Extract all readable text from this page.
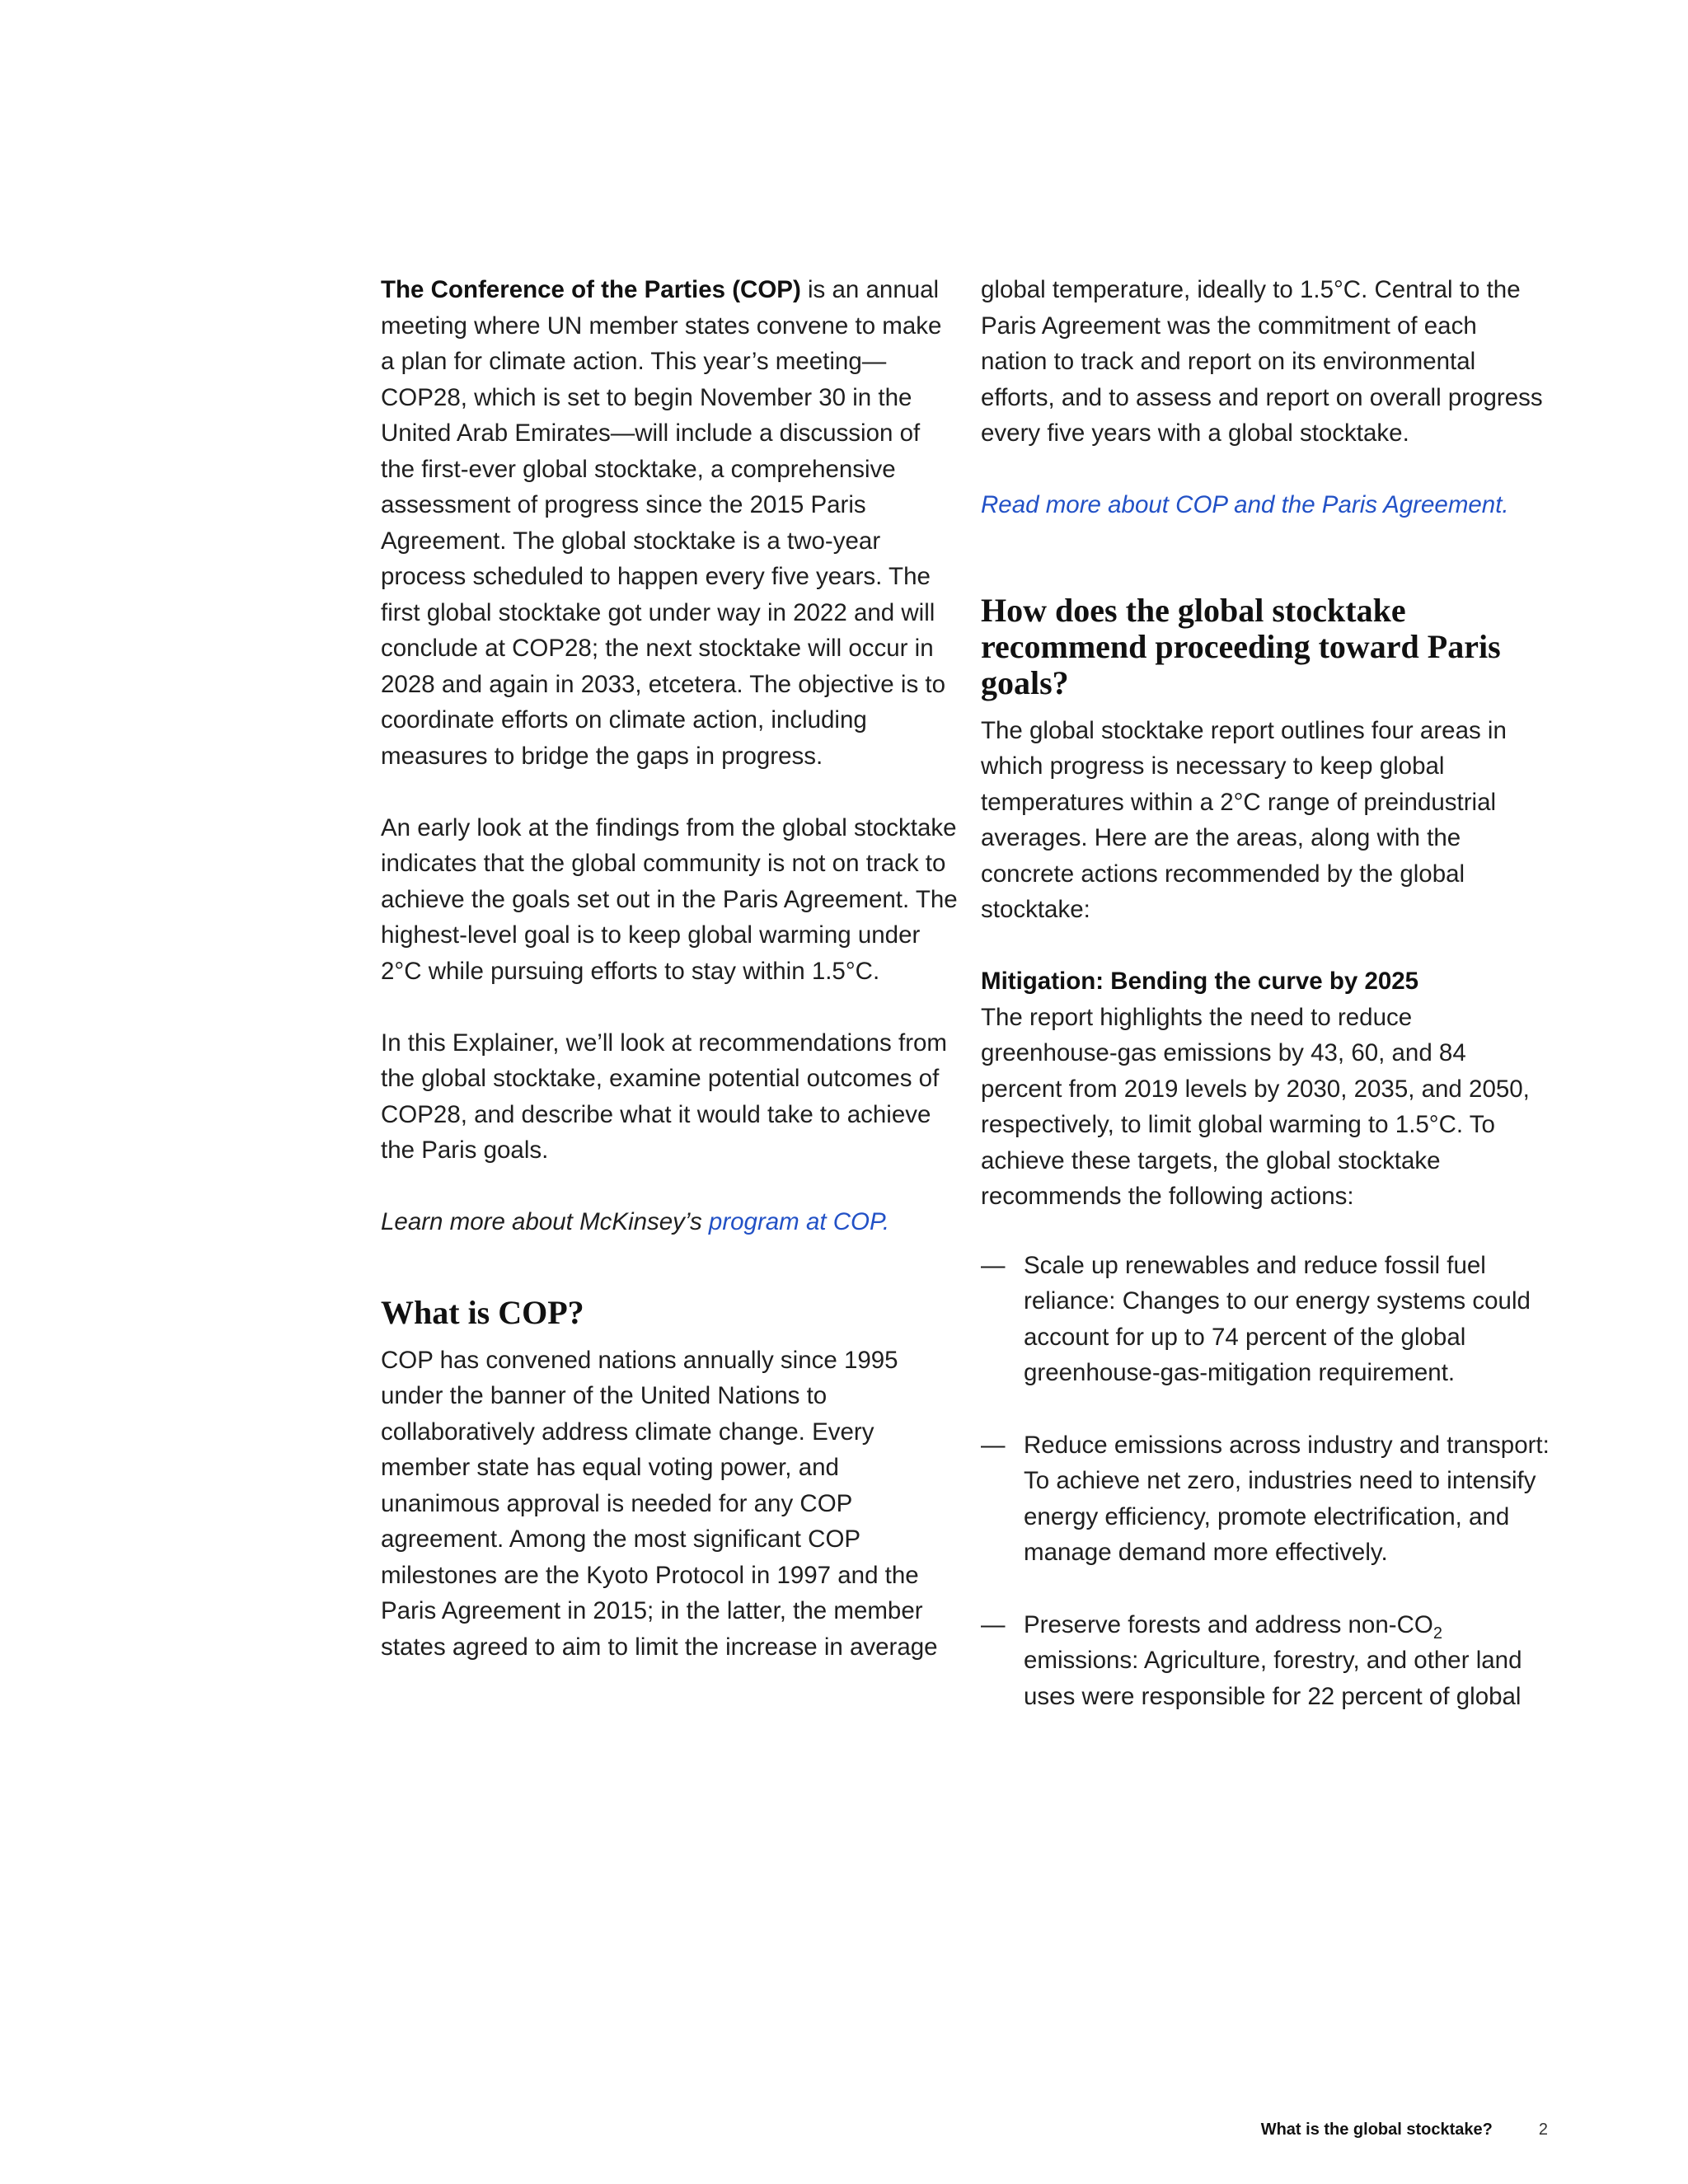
The Conference of the Parties (COP) is an annual meeting where UN member states convene to make a plan for climate action. This year’s meeting—COP28, which is set to begin November 30 in the United Arab Emirates—will include a discussion of the first-ever global stocktake, a comprehensive assessment of progress since the 2015 Paris Agreement. The global stocktake is a two-year process scheduled to happen every five years. The first global stocktake got under way in 2022 and will conclude at COP28; the next stocktake will occur in 2028 and again in 2033, etcetera. The objective is to coordinate efforts on climate action, including measures to bridge the gaps in progress.

An early look at the findings from the global stocktake indicates that the global community is not on track to achieve the goals set out in the Paris Agreement. The highest-level goal is to keep global warming under 2°C while pursuing efforts to stay within 1.5°C.

In this Explainer, we’ll look at recommendations from the global stocktake, examine potential outcomes of COP28, and describe what it would take to achieve the Paris goals.

Learn more about McKinsey’s program at COP.

What is COP?

COP has convened nations annually since 1995 under the banner of the United Nations to collaboratively address climate change. Every member state has equal voting power, and unanimous approval is needed for any COP agreement. Among the most significant COP milestones are the Kyoto Protocol in 1997 and the Paris Agreement in 2015; in the latter, the member states agreed to aim to limit the increase in average

global temperature, ideally to 1.5°C. Central to the Paris Agreement was the commitment of each nation to track and report on its environmental efforts, and to assess and report on overall progress every five years with a global stocktake.

Read more about COP and the Paris Agreement.

How does the global stocktake recommend proceeding toward Paris goals?

The global stocktake report outlines four areas in which progress is necessary to keep global temperatures within a 2°C range of preindustrial averages. Here are the areas, along with the concrete actions recommended by the global stocktake:

Mitigation: Bending the curve by 2025

The report highlights the need to reduce greenhouse-gas emissions by 43, 60, and 84 percent from 2019 levels by 2030, 2035, and 2050, respectively, to limit global warming to 1.5°C. To achieve these targets, the global stocktake recommends the following actions:

— Scale up renewables and reduce fossil fuel reliance: Changes to our energy systems could account for up to 74 percent of the global greenhouse-gas-mitigation requirement.
— Reduce emissions across industry and transport: To achieve net zero, industries need to intensify energy efficiency, promote electrification, and manage demand more effectively.
— Preserve forests and address non-$CO_2$ emissions: Agriculture, forestry, and other land uses were responsible for 22 percent of global
What is the global stocktake?	2
